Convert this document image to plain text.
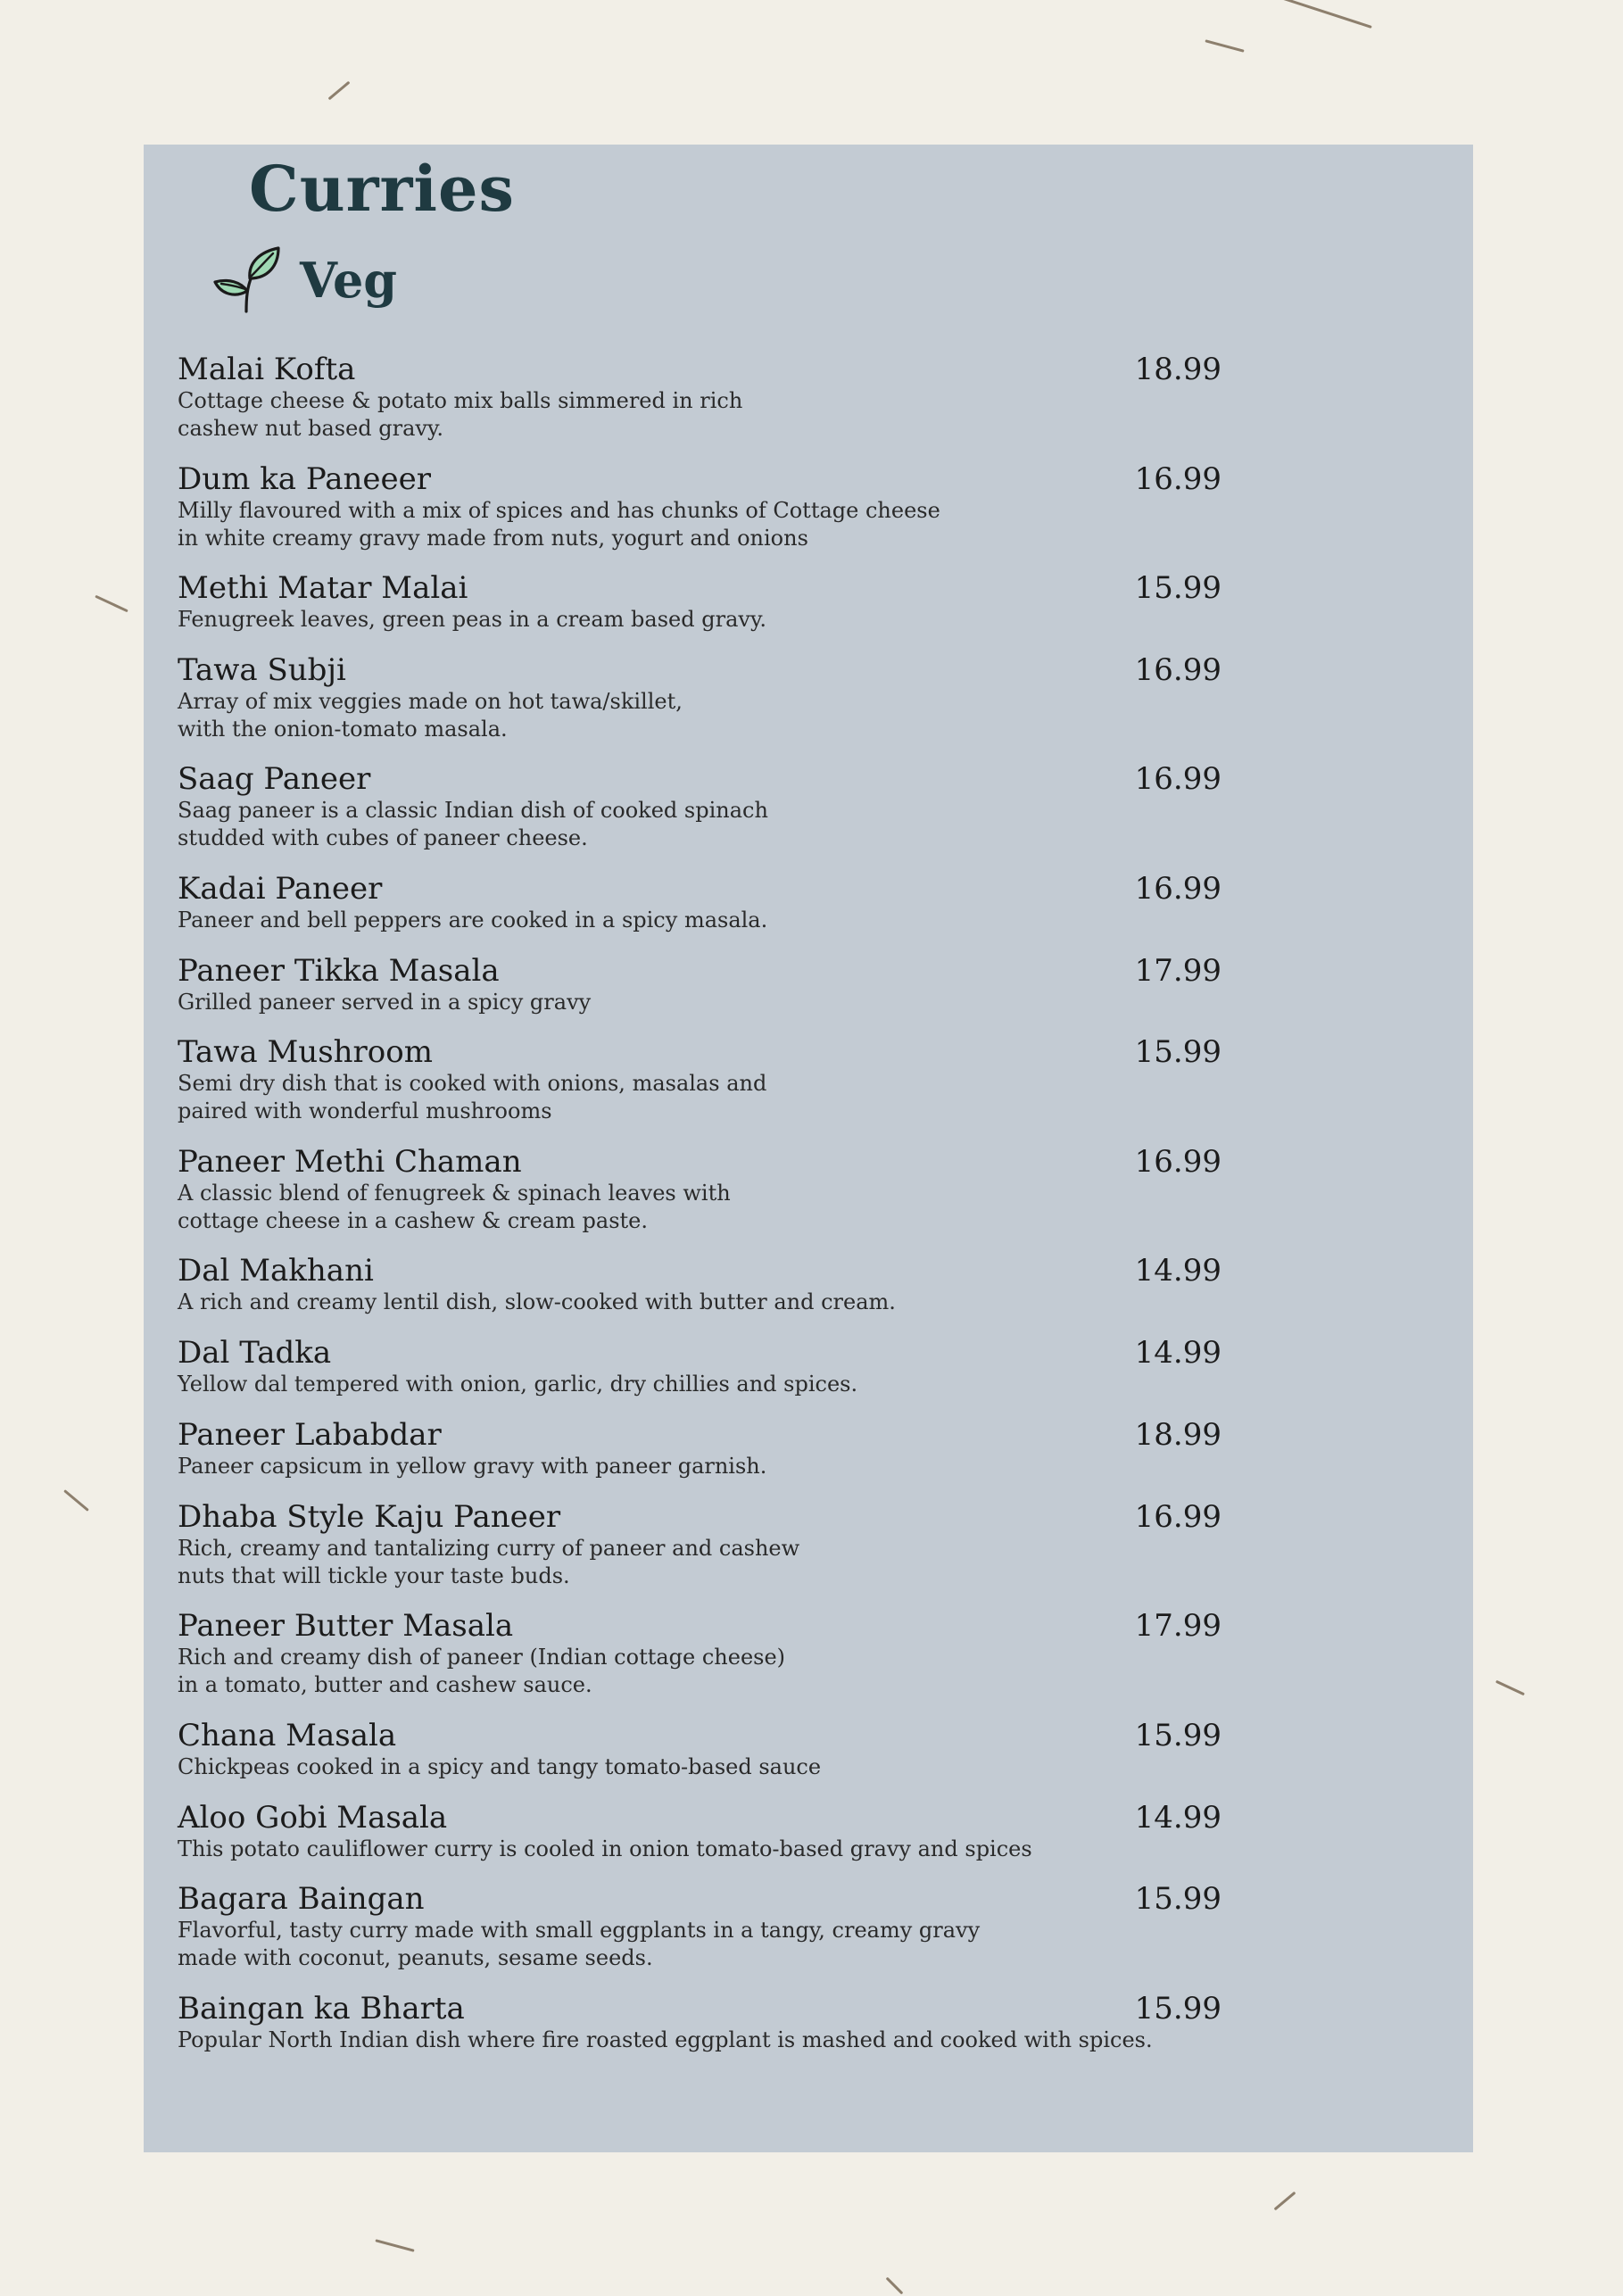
Curries
Veg
Malai Kofta
Cottage cheese & potato mix balls simmered in rich
cashew nut based gravy.
18.99
Dum ka Paneeer
Milly flavoured with a mix of spices and has chunks of Cottage cheese
in white creamy gravy made from nuts, yogurt and onions
16.99
Methi Matar Malai
Fenugreek leaves, green peas in a cream based gravy.
15.99
Tawa Subji
Array of mix veggies made on hot tawa/skillet,
with the onion-tomato masala.
16.99
Saag Paneer
Saag paneer is a classic Indian dish of cooked spinach
studded with cubes of paneer cheese.
16.99
Kadai Paneer
Paneer and bell peppers are cooked in a spicy masala.
16.99
Paneer Tikka Masala
Grilled paneer served in a spicy gravy
17.99
Tawa Mushroom
Semi dry dish that is cooked with onions, masalas and
paired with wonderful mushrooms
15.99
Paneer Methi Chaman
A classic blend of fenugreek & spinach leaves with
cottage cheese in a cashew & cream paste.
16.99
Dal Makhani
A rich and creamy lentil dish, slow-cooked with butter and cream.
14.99
Dal Tadka
Yellow dal tempered with onion, garlic, dry chillies and spices.
14.99
Paneer Lababdar
Paneer capsicum in yellow gravy with paneer garnish.
18.99
Dhaba Style Kaju Paneer
Rich, creamy and tantalizing curry of paneer and cashew
nuts that will tickle your taste buds.
16.99
Paneer Butter Masala
Rich and creamy dish of paneer (Indian cottage cheese)
in a tomato, butter and cashew sauce.
17.99
Chana Masala
Chickpeas cooked in a spicy and tangy tomato-based sauce
15.99
Aloo Gobi Masala
This potato cauliflower curry is cooled in onion tomato-based gravy and spices
14.99
Bagara Baingan
Flavorful, tasty curry made with small eggplants in a tangy, creamy gravy
made with coconut, peanuts, sesame seeds.
15.99
Baingan ka Bharta
Popular North Indian dish where fire roasted eggplant is mashed and cooked with spices.
15.99
